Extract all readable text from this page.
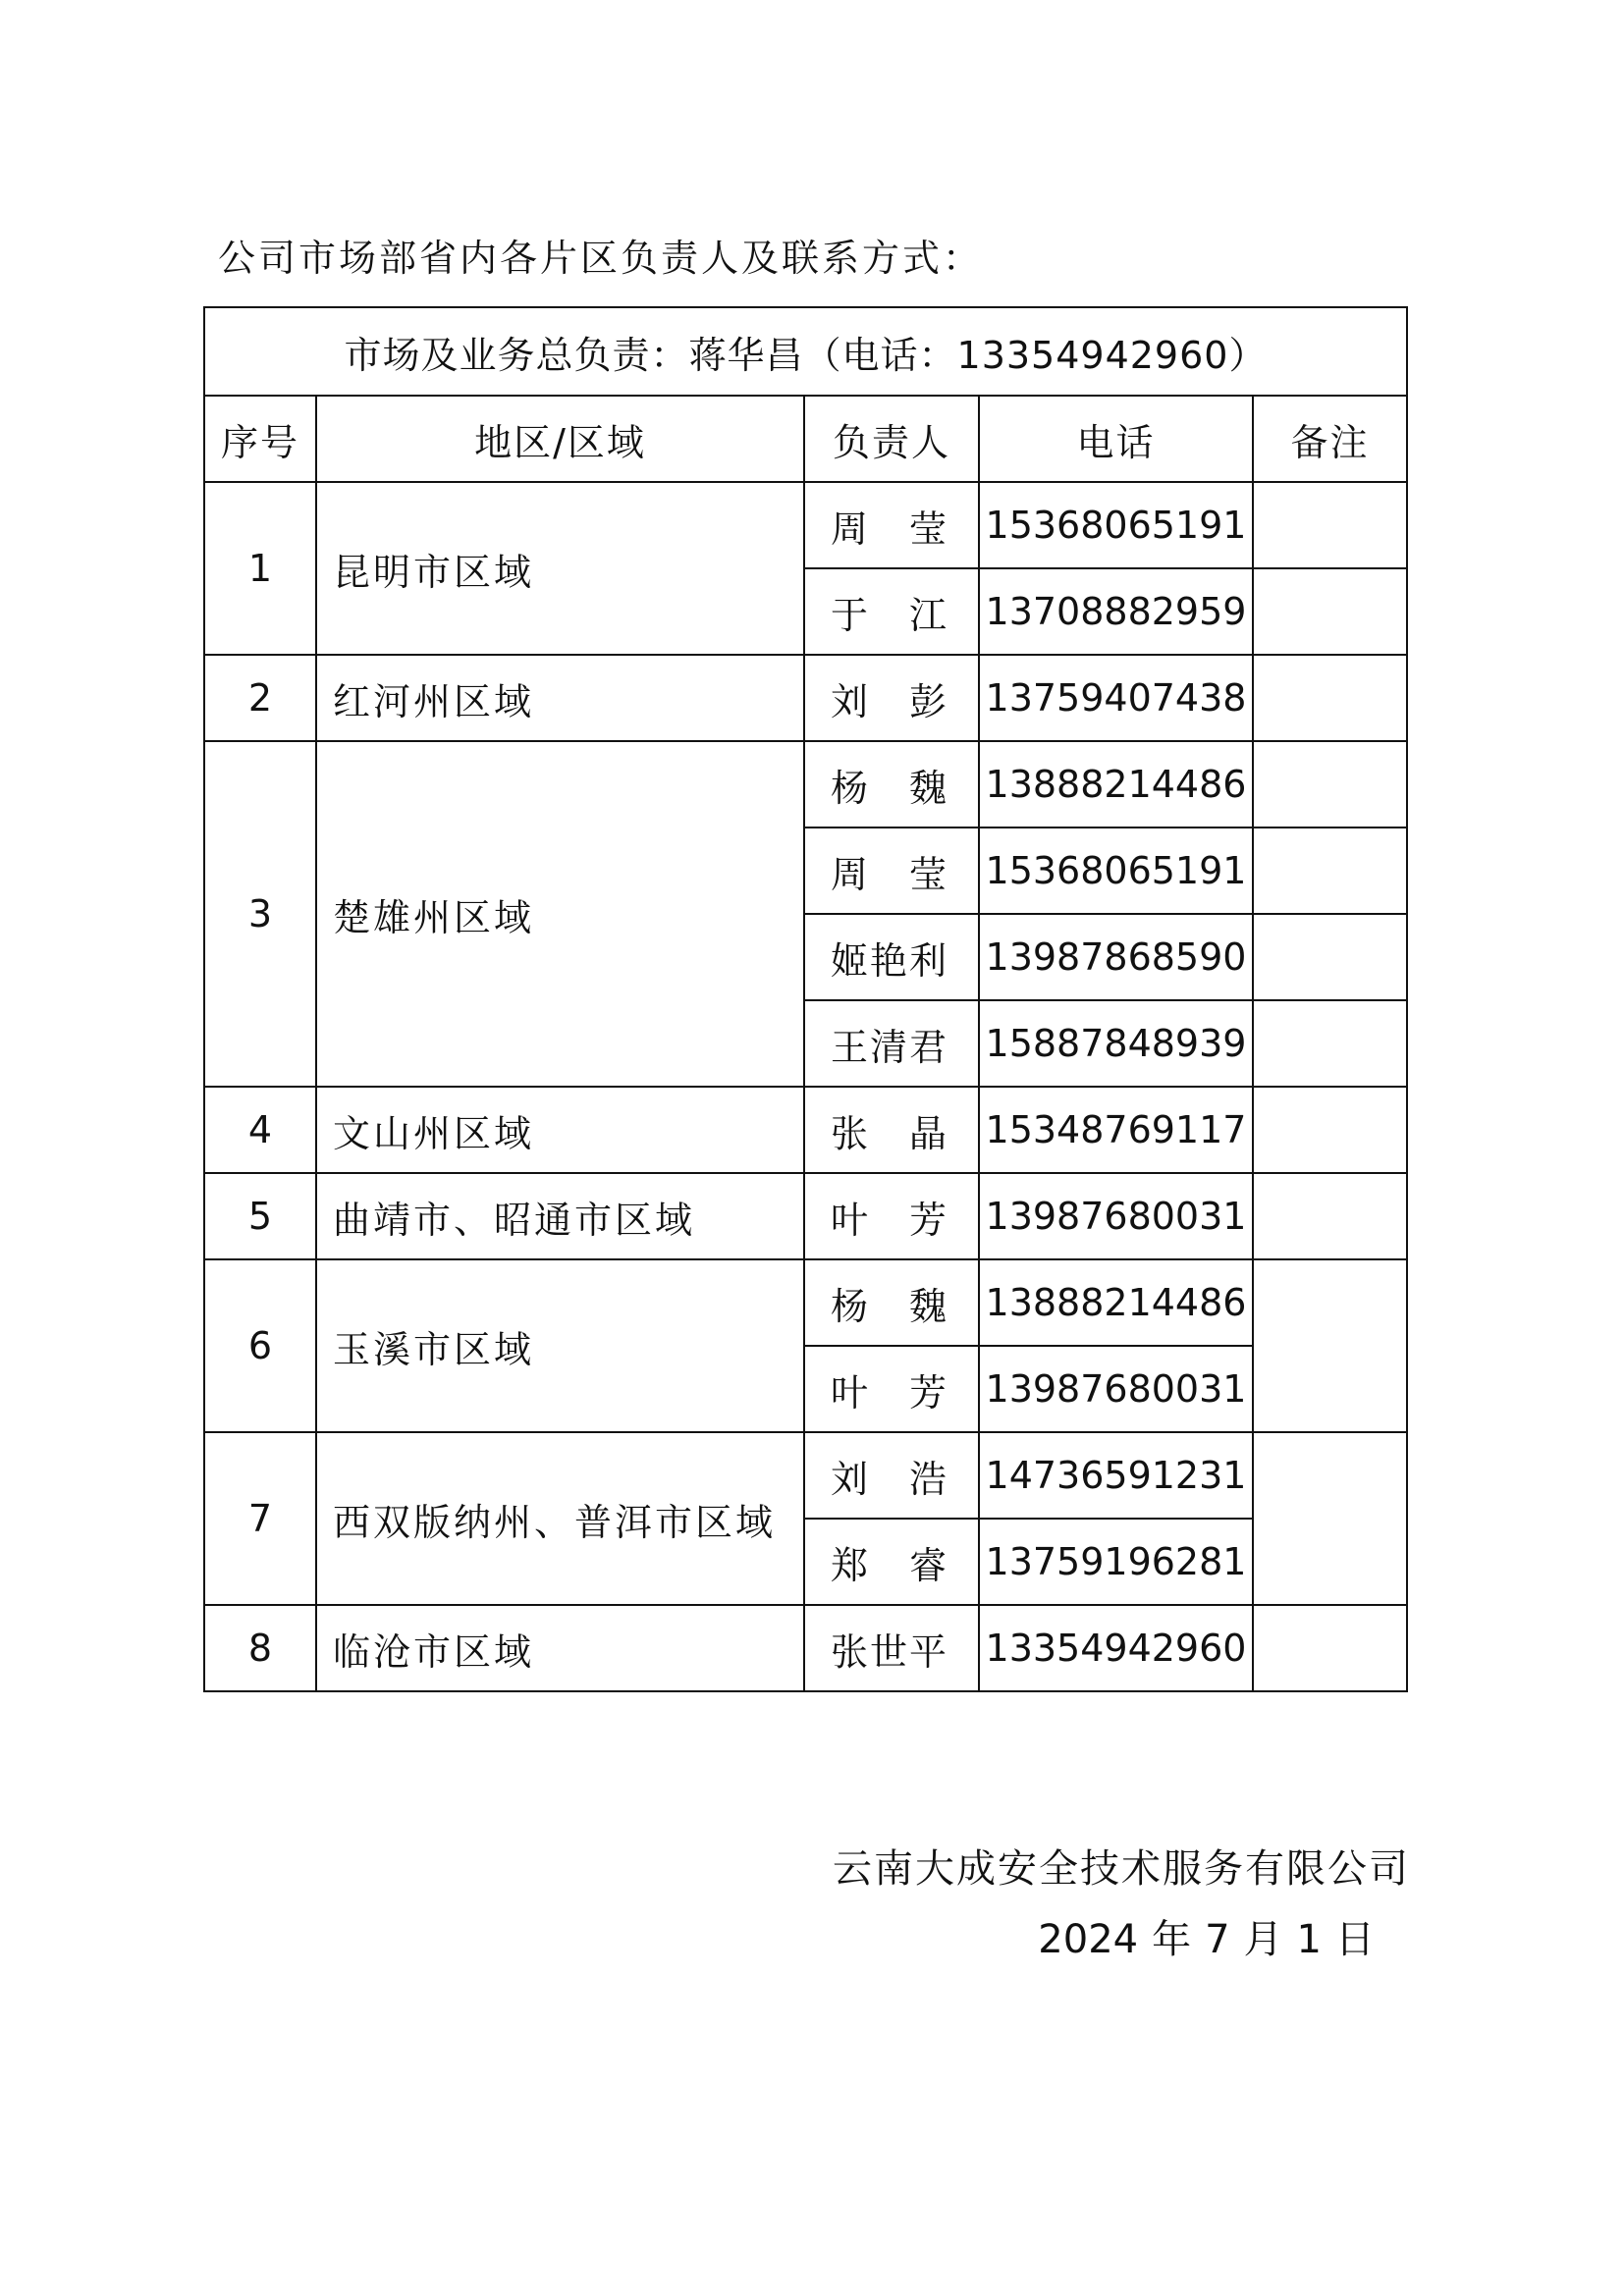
公司市场部省内各片区负责人及联系方式：
市场及业务总负责：蒋华昌（电话：13354942960）				
序号	地区/区域	负责人	电话	备注
1	昆明市区域	周 莹	15368065191	

		于 江	13708882959	
2	红河州区域	刘 彭	13759407438	
3	楚雄州区域	杨 魏	13888214486	

		周 莹	15368065191	
		姬艳利	13987868590	
		王清君	15887848939	
4	文山州区域	张 晶	15348769117	
5	曲靖市、昭通市区域	叶 芳	13987680031	
6	玉溪市区域	杨 魏	13888214486	

		叶 芳	13987680031	
7	西双版纳州、普洱市区域	刘 浩	14736591231	

		郑 睿	13759196281	
8	临沧市区域	张世平	13354942960	
云南大成安全技术服务有限公司
2024 年 7 月 1 日
